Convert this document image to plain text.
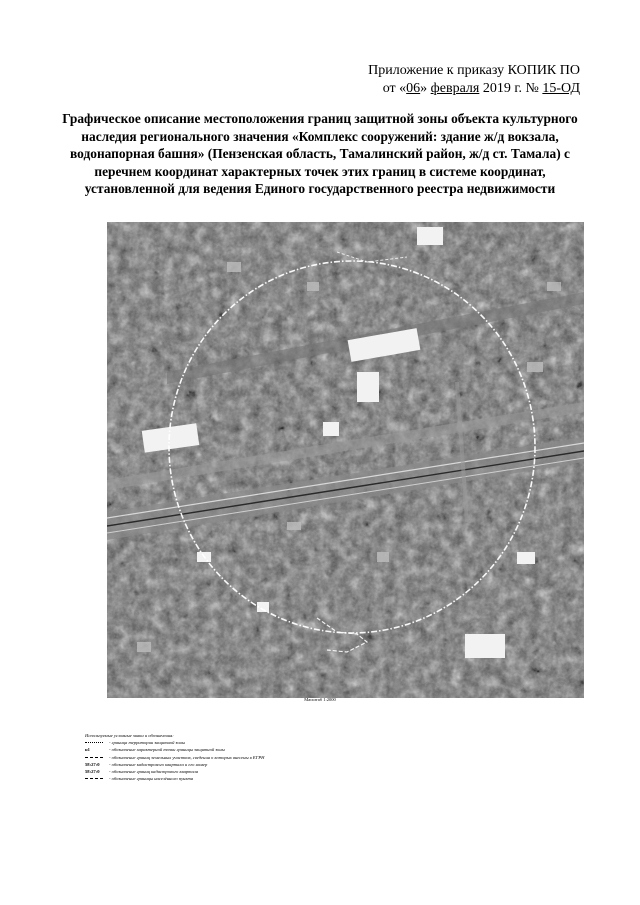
Приложение к приказу КОПИК ПО
от «06» февраля 2019 г. № 15-ОД
Графическое описание местоположения границ защитной зоны объекта культурного наследия регионального значения «Комплекс сооружений: здание ж/д вокзала, водонапорная башня» (Пензенская область, Тамалинский район, ж/д ст. Тамала) с перечнем координат характерных точек этих границ в системе координат, установленной для ведения Единого государственного реестра недвижимости
Масштаб 1:2000
Используемые условные знаки и обозначения:
- граница территории защитной зоны
н1	- обозначение характерной точки границы защитной зоны
- обозначение границ земельных участков, сведения о которых внесены в ЕГРН
58:27:0	- обозначение кадастрового квартала и его номер
58:27:0	- обозначение границ кадастрового квартала
- обозначение границы населённого пункта
